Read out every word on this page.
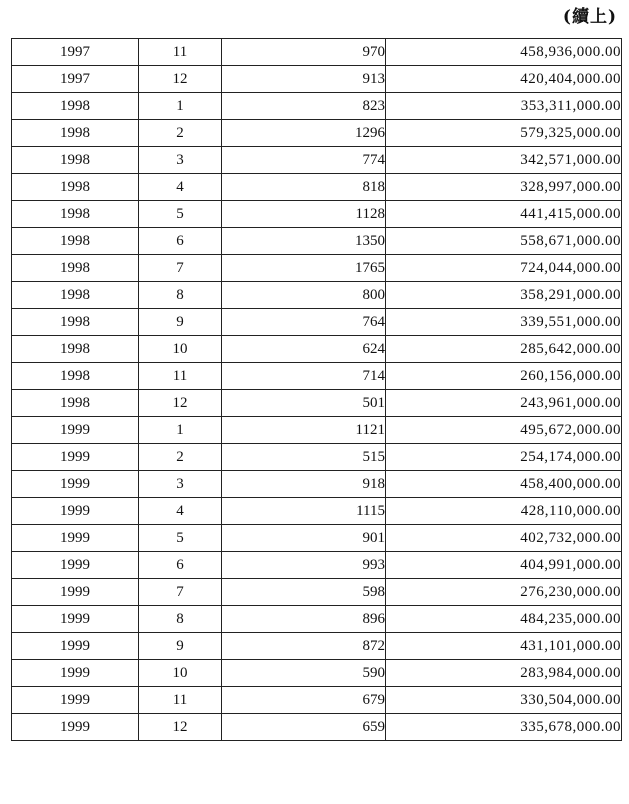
(續上)
1997	11	970	458,936,000.00
1997	12	913	420,404,000.00
1998	1	823	353,311,000.00
1998	2	1296	579,325,000.00
1998	3	774	342,571,000.00
1998	4	818	328,997,000.00
1998	5	1128	441,415,000.00
1998	6	1350	558,671,000.00
1998	7	1765	724,044,000.00
1998	8	800	358,291,000.00
1998	9	764	339,551,000.00
1998	10	624	285,642,000.00
1998	11	714	260,156,000.00
1998	12	501	243,961,000.00
1999	1	1121	495,672,000.00
1999	2	515	254,174,000.00
1999	3	918	458,400,000.00
1999	4	1115	428,110,000.00
1999	5	901	402,732,000.00
1999	6	993	404,991,000.00
1999	7	598	276,230,000.00
1999	8	896	484,235,000.00
1999	9	872	431,101,000.00
1999	10	590	283,984,000.00
1999	11	679	330,504,000.00
1999	12	659	335,678,000.00
